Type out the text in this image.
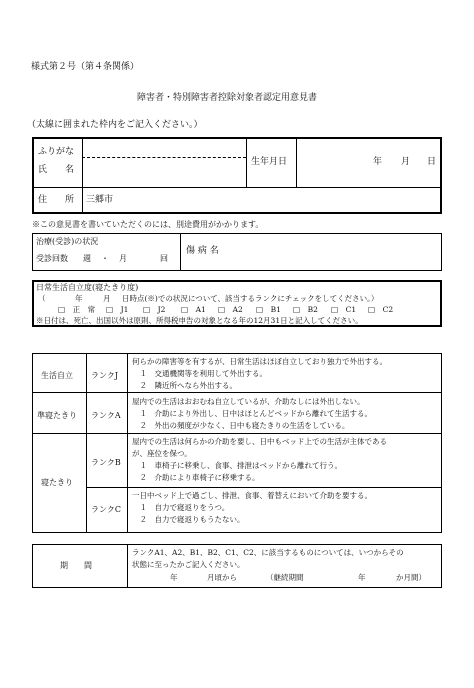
様式第２号（第４条関係）
障害者・特別障害者控除対象者認定用意見書
（太線に囲まれた枠内をご記入ください。）
ふりがな
氏　　名
生年月日	年 月 日
住　　所 三郷市
※この意見書を書いていただくのには、別途費用がかかります。
治療(受診)の状況
受診回数 週 ・ 月	回
傷 病 名
日常生活自立度(寝たきり度)
（	年	月 日時点(※)での状況について、該当するランクにチェックをしてください。）
□　正　常 □　J1 □　J2 □　A1 □　A2 □　B1 □　B2 □　C1 □　C2
※日付は、死亡、出国以外は原則、所得税申告の対象となる年の12月31日と記入してください。
生活自立 ランクJ
何らかの障害等を有するが、日常生活はほぼ自立しており独力で外出する。
　１　交通機関等を利用して外出する。
　２　隣近所へなら外出する。
準寝たきり ランクA
屋内での生活はおおむね自立しているが、介助なしには外出しない。
　１　介助により外出し、日中はほとんどベッドから離れて生活する。
　２　外出の頻度が少なく、日中も寝たきりの生活をしている。
寝たきり
ランクB
屋内での生活は何らかの介助を要し、日中もベッド上での生活が主体である
が、座位を保つ。
　１　車椅子に移乗し、食事、排泄はベッドから離れて行う。
　２　介助により車椅子に移乗する。
ランクC
一日中ベッド上で過ごし、排泄、食事、着替えにおいて介助を要する。
　１　自力で寝返りをうつ。
　２　自力で寝返りもうたない。
期　　間
ランクA1、A2、B1、B2、C1、C2、に該当するものについては、いつからその
状態に至ったかご記入ください。
年	月頃から	（継続期間	年	か月間）
